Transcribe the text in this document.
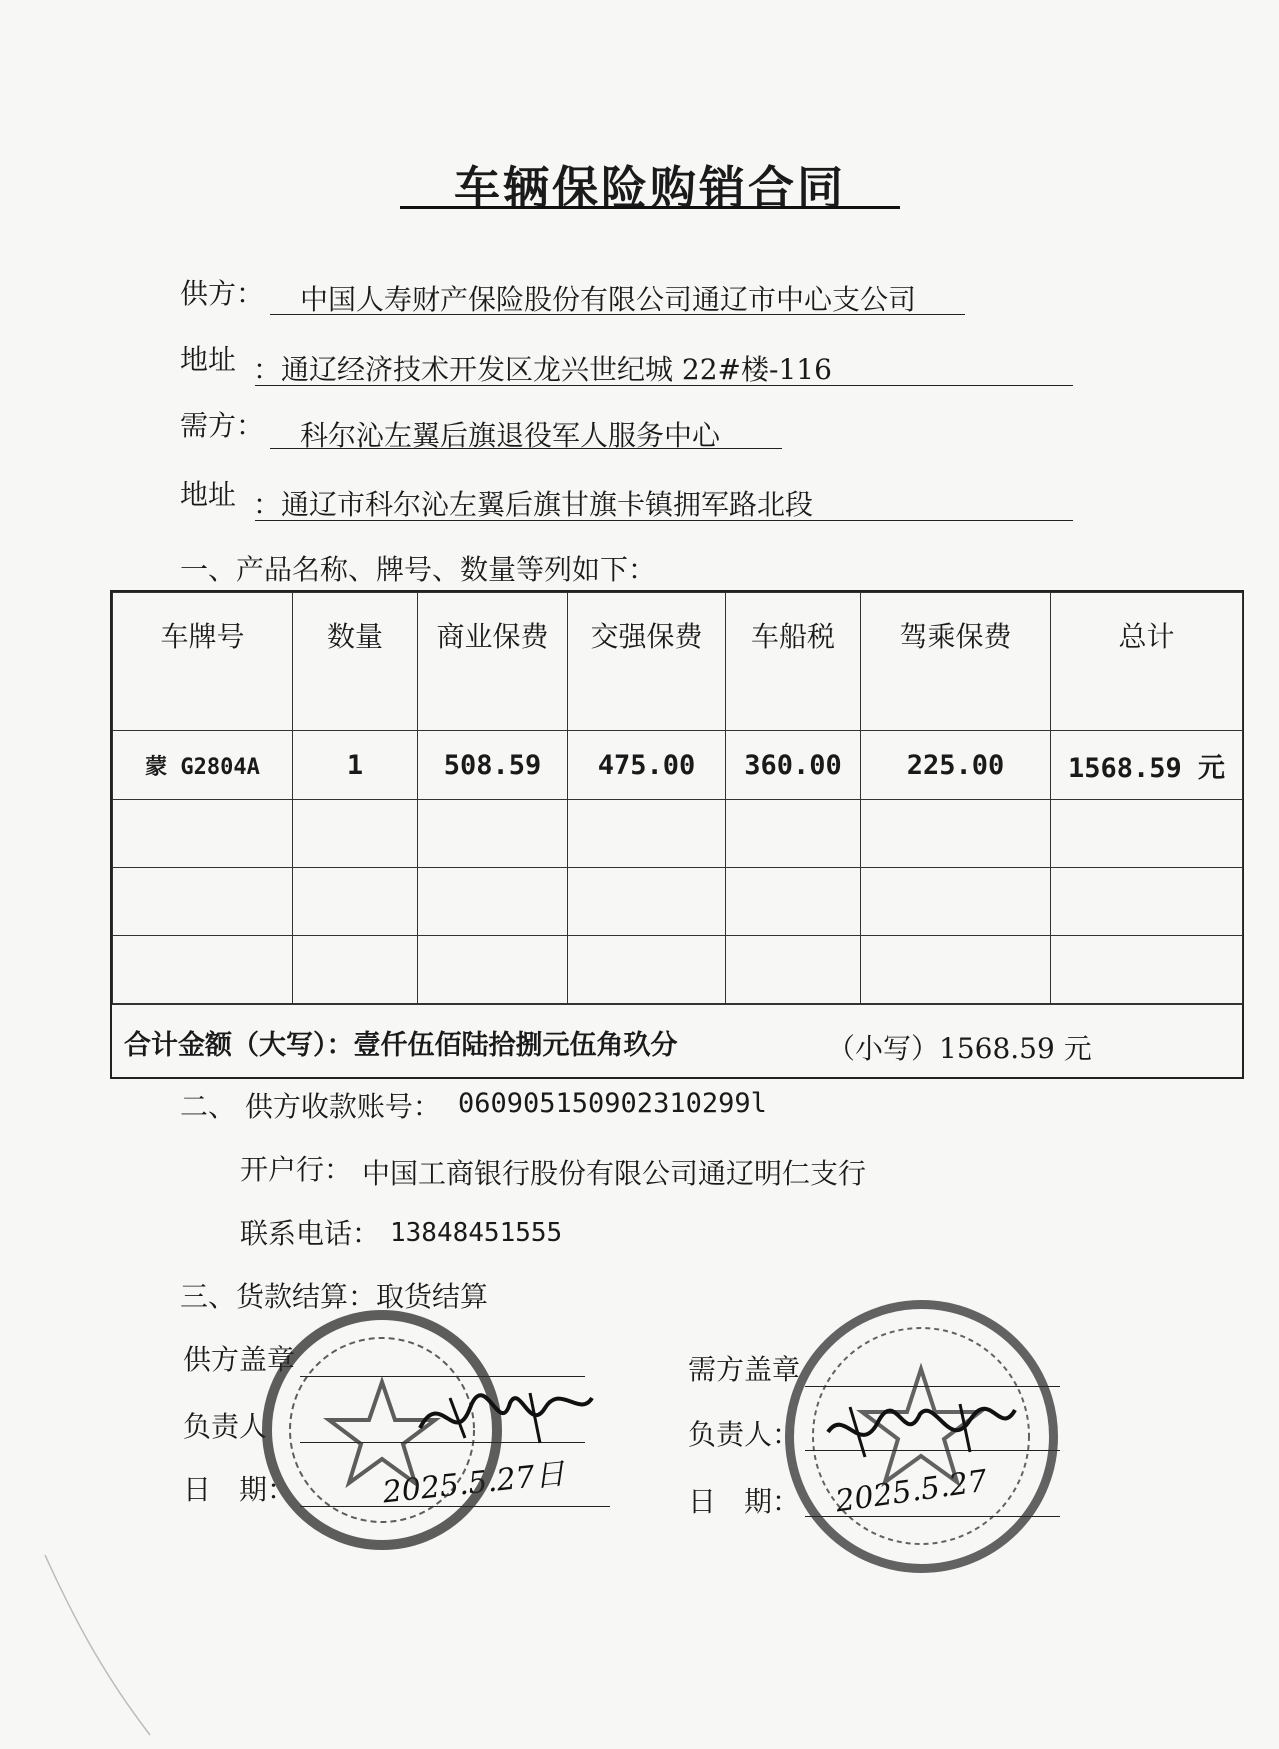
车辆保险购销合同
供方： 中国人寿财产保险股份有限公司通辽市中心支公司
地址 ：通辽经济技术开发区龙兴世纪城 22#楼-116
需方： 科尔沁左翼后旗退役军人服务中心
地址 ：通辽市科尔沁左翼后旗甘旗卡镇拥军路北段
一、产品名称、牌号、数量等列如下：
车牌号	数量	商业保费	交强保费	车船税	驾乘保费	总计
蒙 G2804A	1	508.59	475.00	360.00	225.00	1568.59 元

合计金额（大写）：壹仟伍佰陆拾捌元伍角玖分	（小写）1568.59 元
二、 供方收款账号： 060905150902310299l
开户行： 中国工商银行股份有限公司通辽明仁支行
联系电话： 13848451555
三、货款结算：取货结算
供方盖章
负责人
日　期：	2025.5.27日
需方盖章
负责人：
日　期： 2025.5.27
